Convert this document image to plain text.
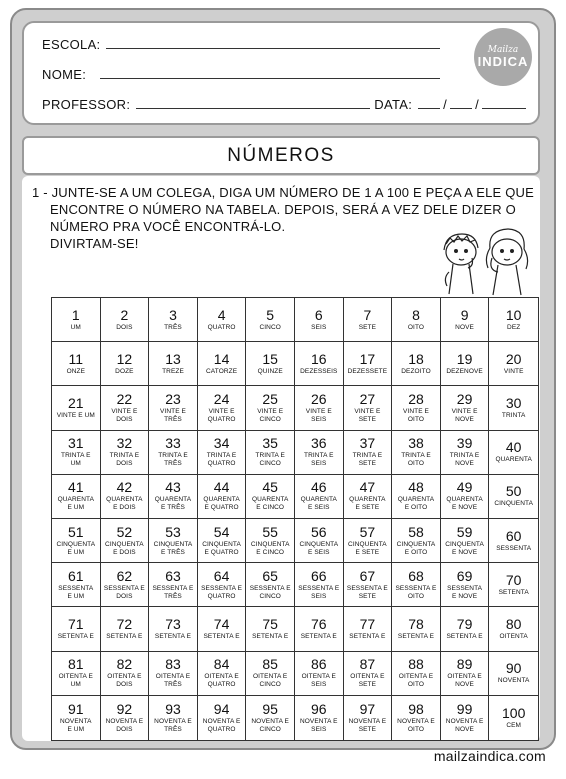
ESCOLA:
NOME:
PROFESSOR:	DATA: / /
Mailza
INDICA
NÚMEROS
1 - JUNTE-SE A UM COLEGA, DIGA UM NÚMERO DE 1 A 100 E PEÇA A ELE QUE
ENCONTRE O NÚMERO NA TABELA. DEPOIS, SERÁ A VEZ DELE DIZER O
NÚMERO PRA VOCÊ ENCONTRÁ-LO.
DIVIRTAM-SE!
1
UM
2
DOIS
3
TRÊS
4
QUATRO
5
CINCO
6
SEIS
7
SETE
8
OITO
9
NOVE
10
DEZ
11
ONZE
12
DOZE
13
TREZE
14
CATORZE
15
QUINZE
16
DEZESSEIS
17
DEZESSETE
18
DEZOITO
19
DEZENOVE
20
VINTE
21
VINTE E UM
22
VINTE E
DOIS
23
VINTE E
TRÊS
24
VINTE E
QUATRO
25
VINTE E
CINCO
26
VINTE E
SEIS
27
VINTE E
SETE
28
VINTE E
OITO
29
VINTE E
NOVE
30
TRINTA
31
TRINTA E
UM
32
TRINTA E
DOIS
33
TRINTA E
TRÊS
34
TRINTA E
QUATRO
35
TRINTA E
CINCO
36
TRINTA E
SEIS
37
TRINTA E
SETE
38
TRINTA E
OITO
39
TRINTA E
NOVE
40
QUARENTA
41
QUARENTA
E UM
42
QUARENTA
E DOIS
43
QUARENTA
E TRÊS
44
QUARENTA
E QUATRO
45
QUARENTA
E CINCO
46
QUARENTA
E SEIS
47
QUARENTA
E SETE
48
QUARENTA
E OITO
49
QUARENTA
E NOVE
50
CINQUENTA
51
CINQUENTA
E UM
52
CINQUENTA
E DOIS
53
CINQUENTA
E TRÊS
54
CINQUENTA
E QUATRO
55
CINQUENTA
E CINCO
56
CINQUENTA
E SEIS
57
CINQUENTA
E SETE
58
CINQUENTA
E OITO
59
CINQUENTA
E NOVE
60
SESSENTA
61
SESSENTA
E UM
62
SESSENTA E
DOIS
63
SESSENTA E
TRÊS
64
SESSENTA E
QUATRO
65
SESSENTA E
CINCO
66
SESSENTA E
SEIS
67
SESSENTA E
SETE
68
SESSENTA E
OITO
69
SESSENTA
E NOVE
70
SETENTA
71
SETENTA E
72
SETENTA E
73
SETENTA E
74
SETENTA E
75
SETENTA E
76
SETENTA E
77
SETENTA E
78
SETENTA E
79
SETENTA E
80
OITENTA
81
OITENTA E
UM
82
OITENTA E
DOIS
83
OITENTA E
TRÊS
84
OITENTA E
QUATRO
85
OITENTA E
CINCO
86
OITENTA E
SEIS
87
OITENTA E
SETE
88
OITENTA E
OITO
89
OITENTA E
NOVE
90
NOVENTA
91
NOVENTA
E UM
92
NOVENTA E
DOIS
93
NOVENTA E
TRÊS
94
NOVENTA E
QUATRO
95
NOVENTA E
CINCO
96
NOVENTA E
SEIS
97
NOVENTA E
SETE
98
NOVENTA E
OITO
99
NOVENTA E
NOVE
100
CEM
mailzaindica.com
